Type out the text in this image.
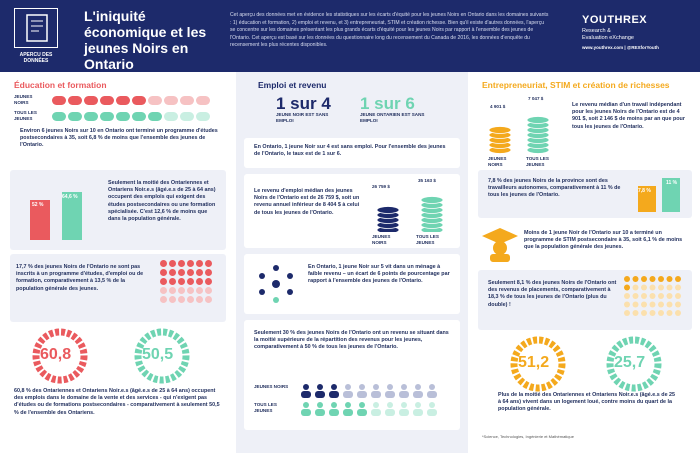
APERCU DES DONNÉES
L'iniquité économique et les jeunes Noirs en Ontario
Cet aperçu des données met en évidence les statistiques sur les écarts d'équité pour les jeunes Noirs en Ontario dans les domaines suivants : 1) éducation et formation, 2) emploi et revenu, et 3) entrepreneuriat, STIM et création richesse. Bien qu'il existe d'autres données, l'aperçu se concentre sur les domaines présentant les plus grands écarts d'équité pour les jeunes Noirs par rapport à l'ensemble des jeunes de l'Ontario. Cet aperçu est basé sur les données du questionnaire long du recensement du Canada de 2016, les données d'enquête du recensement les plus récentes disponibles.
YOUTHREX
Research &
Evaluation eXchange
www.youthrex.com | @REXforYouth
Éducation et formation
JEUNES NOIRS
TOUS LES JEUNES
Environ 6 jeunes Noirs sur 10 en Ontario ont terminé un programme d'études postsecondaires à 35, soit 6,8 % de moins que l'ensemble des jeunes de l'Ontario.
52 %
64,6 %
Seulement la moitié des Ontariennes et Ontariens Noir.e.s (âgé.e.s de 25 à 64 ans) occupent des emplois qui exigent des études postsecondaires ou une formation spécialisée. C'est 12,6 % de moins que dans la population générale.
17,7 % des jeunes Noirs de l'Ontario ne sont pas inscrits à un programme d'études, d'emploi ou de formation, comparativement à 13,5 % de la population générale des jeunes.
60,8	50,5
60,8 % des Ontariennes et Ontariens Noir.e.s (âgé.e.s de 25 à 64 ans) occupent des emplois dans le domaine de la vente et des services - qui n'exigent pas d'études ou de formations postsecondaires - comparativement à seulement 50,5 % de l'ensemble des Ontariens.
Emploi et revenu
1 sur 4
JEUNE NOIR EST SANS EMPLOI
1 sur 6
JEUNE ONTARIEN EST SANS EMPLOI
En Ontario, 1 jeune Noir sur 4 est sans emploi. Pour l'ensemble des jeunes de l'Ontario, le taux est de 1 sur 6.
Le revenu d'emploi médian des jeunes Noirs de l'Ontario est de 26 759 $, soit un revenu annuel inférieur de 8 404 $ à celui de tous les jeunes de l'Ontario.
26 759 $
35 163 $
JEUNES NOIRS
TOUS LES JEUNES
En Ontario, 1 jeune Noir sur 5 vit dans un ménage à faible revenu – un écart de 6 points de pourcentage par rapport à l'ensemble des jeunes de l'Ontario.
Seulement 30 % des jeunes Noirs de l'Ontario ont un revenu se situant dans la moitié supérieure de la répartition des revenus pour les jeunes, comparativement à 50 % de tous les jeunes de l'Ontario.
JEUNES NOIRS
TOUS LES JEUNES
Entrepreneuriat, STIM et création de richesses
4 901 $
7 047 $
JEUNES NOIRS
TOUS LES JEUNES
Le revenu médian d'un travail indépendant pour les jeunes Noirs de l'Ontario est de 4 901 $, soit 2 146 $ de moins par an que pour tous les jeunes de l'Ontario.
7,8 % des jeunes Noirs de la province sont des travailleurs autonomes, comparativement à 11 % de tous les jeunes de l'Ontario.
7,8 %
11 %
Moins de 1 jeune Noir de l'Ontario sur 10 a terminé un programme de STIM postsecondaire à 35, soit 6,1 % de moins que la population générale des jeunes.
Seulement 8,1 % des jeunes Noirs de l'Ontario ont des revenus de placements, comparativement à 18,3 % de tous les jeunes de l'Ontario (plus du double) !
51,2	25,7
Plus de la moitié des Ontariennes et Ontariens Noir.e.s (âgé.e.s de 25 à 64 ans) vivent dans un logement loué, contre moins du quart de la population générale.
*Science, Technologies, Ingénierie et Mathématique
